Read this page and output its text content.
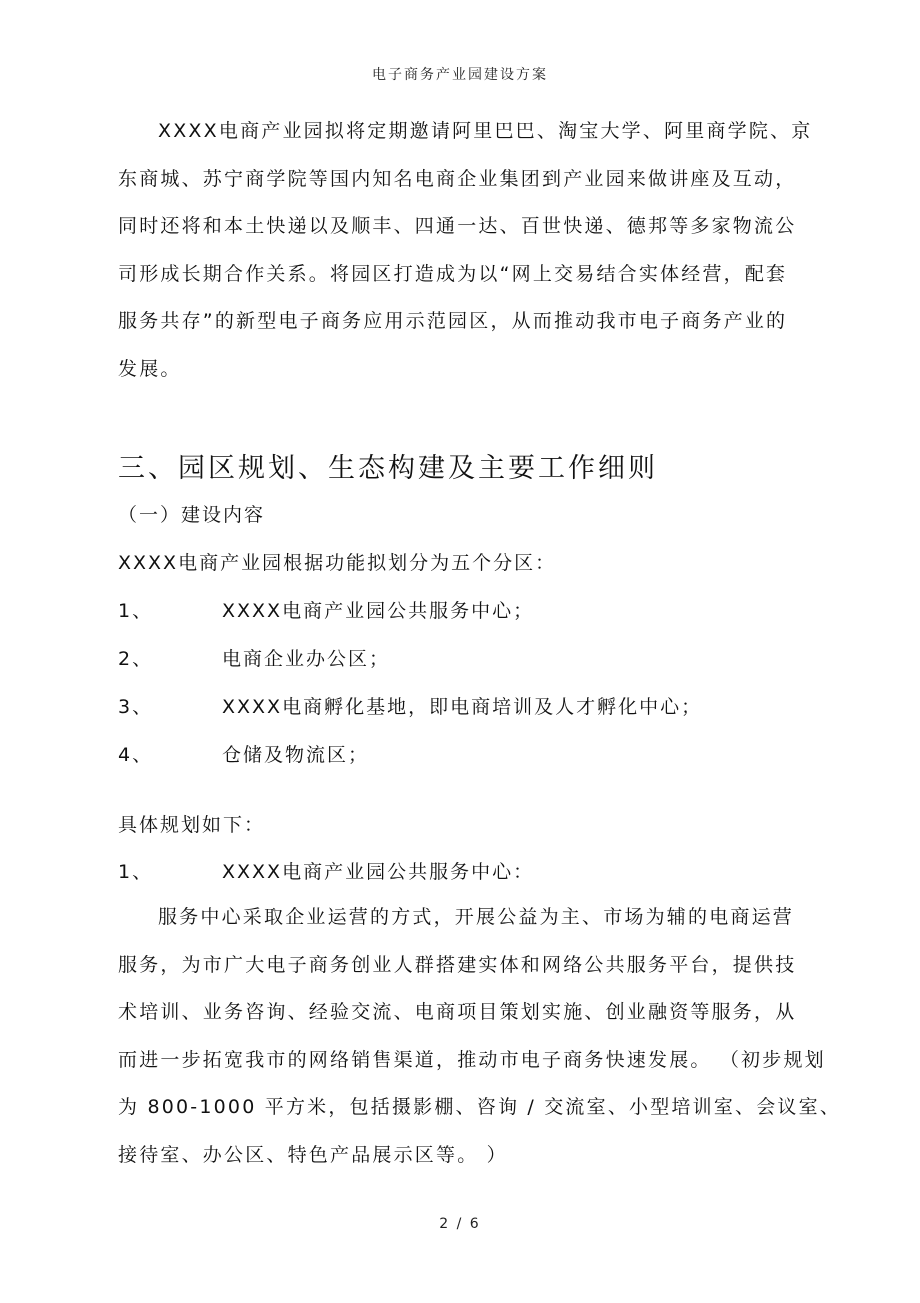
电子商务产业园建设方案
XXXX电商产业园拟将定期邀请阿里巴巴、淘宝大学、阿里商学院、京
东商城、苏宁商学院等国内知名电商企业集团到产业园来做讲座及互动，
同时还将和本土快递以及顺丰、四通一达、百世快递、德邦等多家物流公
司形成长期合作关系。将园区打造成为以“网上交易结合实体经营，配套
服务共存”的新型电子商务应用示范园区，从而推动我市电子商务产业的
发展。
三、园区规划、生态构建及主要工作细则

（一）建设内容

XXXX电商产业园根据功能拟划分为五个分区：

1、	XXXX电商产业园公共服务中心；

2、	电商企业办公区；

3、	XXXX电商孵化基地，即电商培训及人才孵化中心；

4、	仓储及物流区；

具体规划如下：

1、	XXXX电商产业园公共服务中心：

服务中心采取企业运营的方式，开展公益为主、市场为辅的电商运营
服务，为市广大电子商务创业人群搭建实体和网络公共服务平台，提供技
术培训、业务咨询、经验交流、电商项目策划实施、创业融资等服务，从
而进一步拓宽我市的网络销售渠道，推动市电子商务快速发展。 （初步规划
为 800-1000 平方米，包括摄影棚、咨询 / 交流室、小型培训室、会议室、
接待室、办公区、特色产品展示区等。 ）
2 / 6
